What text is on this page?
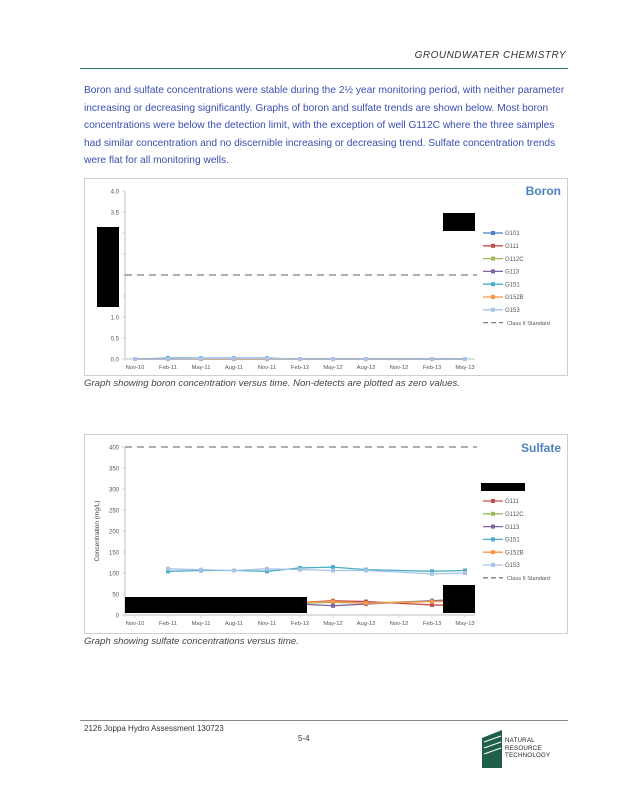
GROUNDWATER CHEMISTRY
Boron and sulfate concentrations were stable during the 2½ year monitoring period, with neither parameter increasing or decreasing significantly. Graphs of boron and sulfate trends are shown below. Most boron concentrations were below the detection limit, with the exception of well G112C where the three samples had similar concentration and no discernible increasing or decreasing trend. Sulfate concentration trends were flat for all monitoring wells.
4.0
3.5
1.0
0.5
0.0
Nov-10	Feb-11	May-11 Aug-11	Nov-11	Feb-12 May-12 Aug-12 Nov-12 Feb-13 May-13
Boron
G101
G111
G112C
G113
G151
G152B
G153
Class II Standard
Graph showing boron concentration versus time. Non-detects are plotted as zero values.
400
350
300
250
200
150
100
50
0
Nov-10	Feb-11	May-11 Aug-11	Nov-11	Feb-12 May-12 Aug-12 Nov-12 Feb-13 May-13
Concentration (mg/L)
Sulfate
G111
G112C
G113
G151
G152B
G153
Class II Standard
Graph showing sulfate concentrations versus time.
2126 Joppa Hydro Assessment 130723
5-4	NATURAL
RESOURCE
TECHNOLOGY
